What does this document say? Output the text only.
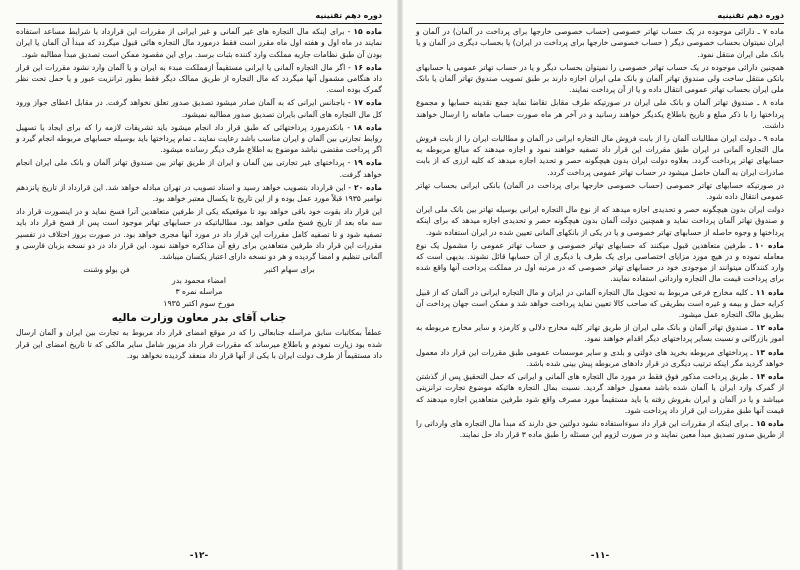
دوره دهم تقنینیه

ماده ۱۵- برای اینکه مال التجاره های غیر آلمانی و غیر ایرانی از مقررات این قرارداد با شرایط مساعد استفاده نمایند در ماه اول و هفته اول ماه مقرر است فقط درمورد مال التجاره هائی قبول میگردد که مبدأ آن آلمان یا ایران بودن آن طبق نظامات جاریه مملکت وارد کننده بثبات برسد. برای این مقصود ممکن است تصدیق مبدأ مطالبه شود.

ماده ۱۶- اگر مال التجاره آلمانی یا ایرانی مستقیماً ازمملکت مبدء به ایران و یا آلمان وارد نشود مقررات این قرار داد هنگامی مشمول آنها میگردد که مال التجاره از طریق ممالک دیگر فقط بطور ترانزیت عبور و یا حمل تحت نظر گمرک بوده است.

ماده ۱۷- باجنانس ایرانی که به آلمان صادر میشود تصدیق صدور تعلق نخواهد گرفت. در مقابل اعطای جواز ورود کل مال التجاره های آلمانی بایران تصدیق صدور مطالبه نمیشود.

ماده ۱۸- بانکدرمورد پرداختهائی که طبق قرار داد انجام میشود باید تشریفات لازمه را که برای ایجاد یا تسهیل روابط تجارتی بین آلمان و ایران مناسب باشد رعایت نمایند ـ تمام پرداختها باید بوسیله حسابهای مربوطه انجام گیرد و اگر پرداخت مقتضی نباشد موضوع به اطلاع طرف دیگر رسانده میشود.

ماده ۱۹- پرداختهای غیر تجارتی بین آلمان و ایران از طریق تهاتر بین صندوق تهاتر آلمان و بانک ملی ایران انجام خواهد گرفت.

ماده ۲۰- این قرارداد بتصویب خواهد رسید و اسناد تصویب در تهران مبادله خواهد شد. این قرارداد از تاریخ پانزدهم نوامبر ۱۹۳۵ قبلاً مورد عمل بوده و از این تاریخ تا یکسال معتبر خواهد بود.

این قرار داد بقوت خود باقی خواهد بود تا موقعیکه یکی از طرفین متعاهدین آنرا فسخ نماید و در اینصورت قرار داد سه ماه بعد از تاریخ فسخ ملغی خواهد بود. مطالباتیکه در حسابهای تهاتر موجود است پس از فسخ قرار داد باید تصفیه شود و تا تصفیه کامل مقررات این قرار داد در مورد آنها مجری خواهد بود. در صورت بروز اختلاف در تفسیر مقررات این قرار داد طرفین متعاهدین برای رفع آن مذاکره خواهند نمود. این قرار داد در دو نسخه بزبان فارسی و آلمانی تنظیم و امضا گردیده و هر دو نسخه دارای اعتبار یکسان میباشد.

برای سهام اکنیر
فن بولو وشنت
امضاء محمود بدر
مراسله نمره ۳
مورخ سوم اکتبر ۱۹۳۵
جناب آقای بدر معاون وزارت مالیه

عطفاً بمکاتبات سابق مراسله جنابعالی را که در موقع امضای قرار داد مربوط به تجارت بین ایران و آلمان ارسال شده بود زیارت نمودم و باطلاع میرساند که مقررات قرار داد مزبور شامل سایر مالکی که تا تاریخ امضای این قرار داد مستقیماً از طرف دولت ایران با یکی از آنها قرار داد منعقد گردیده نخواهد بود.

-۱۲-
دوره دهم تقنینیه

ماده ۷ ـ دارائی موجوده در یک حساب تهاتر خصوصی (حساب خصوصی خارجها برای پرداخت در آلمان) در آلمان و ایران نمیتوان بحساب خصوصی دیگر ( حساب خصوصی خارجها برای پرداخت در ایران) یا بحساب دیگری در آلمان و یا بانک ملی ایران منتقل نمود.

همچنین دارائی موجوده در یک حساب تهاتر خصوصی را نمیتوان بحساب دیگر و یا در حساب تهاتر عمومی یا حسابهای بانکی منتقل ساخت ولی صندوق تهاتر آلمان و بانک ملی ایران اجازه دارند بر طبق تصویب صندوق تهاتر آلمان یا بانک ملی ایران بحساب تهاتر عمومی انتقال داده و یا از آن پرداخت نمایند.

ماده ۸ ـ صندوق تهاتر آلمان و بانک ملی ایران در صورتیکه طرف مقابل تقاضا نماید جمع نقدینه حسابها و مجموع پرداختها را با ذکر مبلغ و تاریخ باطلاع یکدیگر خواهند رسانید و در آخر هر ماه صورت حساب ماهانه را ارسال خواهند داشت.

ماده ۹ ـ دولت ایران مطالبات آلمان را از بابت فروش مال التجاره ایرانی در آلمان و مطالبات ایران را از بابت فروش مال التجاره آلمانی در ایران طبق مقررات این قرار داد تصفیه خواهند نمود و اجازه میدهند که مبالغ مربوطه به حسابهای تهاتر پرداخت گردد. بعلاوه دولت ایران بدون هیچگونه حصر و تحدید اجازه میدهد که کلیه ارزی که از بابت صادرات ایران به آلمان حاصل میشود در حساب تهاتر عمومی پرداخت گردد.

در صورتیکه حسابهای تهاتر خصوصی (حساب خصوصی خارجها برای پرداخت در آلمان) بانکی ایرانی بحساب تهاتر عمومی انتقال داده شود.

دولت ایران بدون هیچگونه حصر و تحدیدی اجازه میدهد که از نوع مال التجاره ایرانی بوسیله تهاتر بین بانک ملی ایران و صندوق تهاتر آلمان پرداخت نماید و همچنین دولت آلمان بدون هیچگونه حصر و تحدیدی اجازه میدهد که برای اینکه پرداختها و وجوه حاصله از حسابهای تهاتر خصوصی و یا در یکی از بانکهای آلمانی تعیین شده در ایران استفاده شود.

ماده ۱۰ـ طرفین متعاهدین قبول میکنند که حسابهای تهاتر خصوصی و حساب تهاتر عمومی را مشمول یک نوع معامله نموده و در هیچ مورد مزایای اختصاصی برای یک طرف یا دیگری از آن حسابها قائل نشوند. بدیهی است که وارد کنندگان میتوانند از موجودی خود در حسابهای تهاتر خصوصی که در مرتبه اول در مملکت پرداخت آنها واقع شده برای پرداخت قیمت مال التجاره وارداتی استفاده نمایند.

ماده ۱۱ـ کلیه مخارج فرعی مربوط به تحویل مال التجاره آلمانی در ایران و مال التجاره ایرانی در آلمان که از قبیل کرایه حمل و بیمه و غیره است بطریقی که صاحب کالا تعیین نماید پرداخت خواهد شد و ممکن است جهان پرداخت آن بطریق مالک التجاره عمل میشود.

ماده ۱۲ـ صندوق تهاتر آلمان و بانک ملی ایران از طریق تهاتر کلیه مخارج دلالی و کارمزد و سایر مخارج مربوطه به امور بازرگانی و نسبت بسایر پرداختهای دیگر اقدام خواهند نمود.

ماده ۱۳ـ پرداختهای مربوطه بخرید های دولتی و بلدی و سایر موسسات عمومی طبق مقررات این قرار داد معمول خواهد گردید مگر اینکه ترتیب دیگری در قرار دادهای مربوطه پیش بینی شده باشد.

ماده ۱۴ـ طریق پرداخت مذکور فوق فقط در مورد مال التجاره های آلمانی و ایرانی که حمل التحقیق پس از گذشتن از گمرک وارد ایران یا آلمان شده باشد معمول خواهد گردید. نسبت بمال التجاره هائیکه موضوع تجارت ترانزیتی میباشد و یا در آلمان و ایران بفروش رفته یا باید مستقیماً مورد مصرف واقع شود طرفین متعاهدین اجازه میدهند که قیمت آنها طبق مقررات این قرار داد پرداخت شود.

ماده ۱۵ـ برای اینکه از مقررات این قرار داد سوءاستفاده نشود دولتین حق دارند که مبدأ مال التجاره های وارداتی را از طریق صدور تصدیق مبدأ معین نمایند و در صورت لزوم این مسئله را طبق ماده ۳ قرار داد حل نمایند.

-۱۱-
